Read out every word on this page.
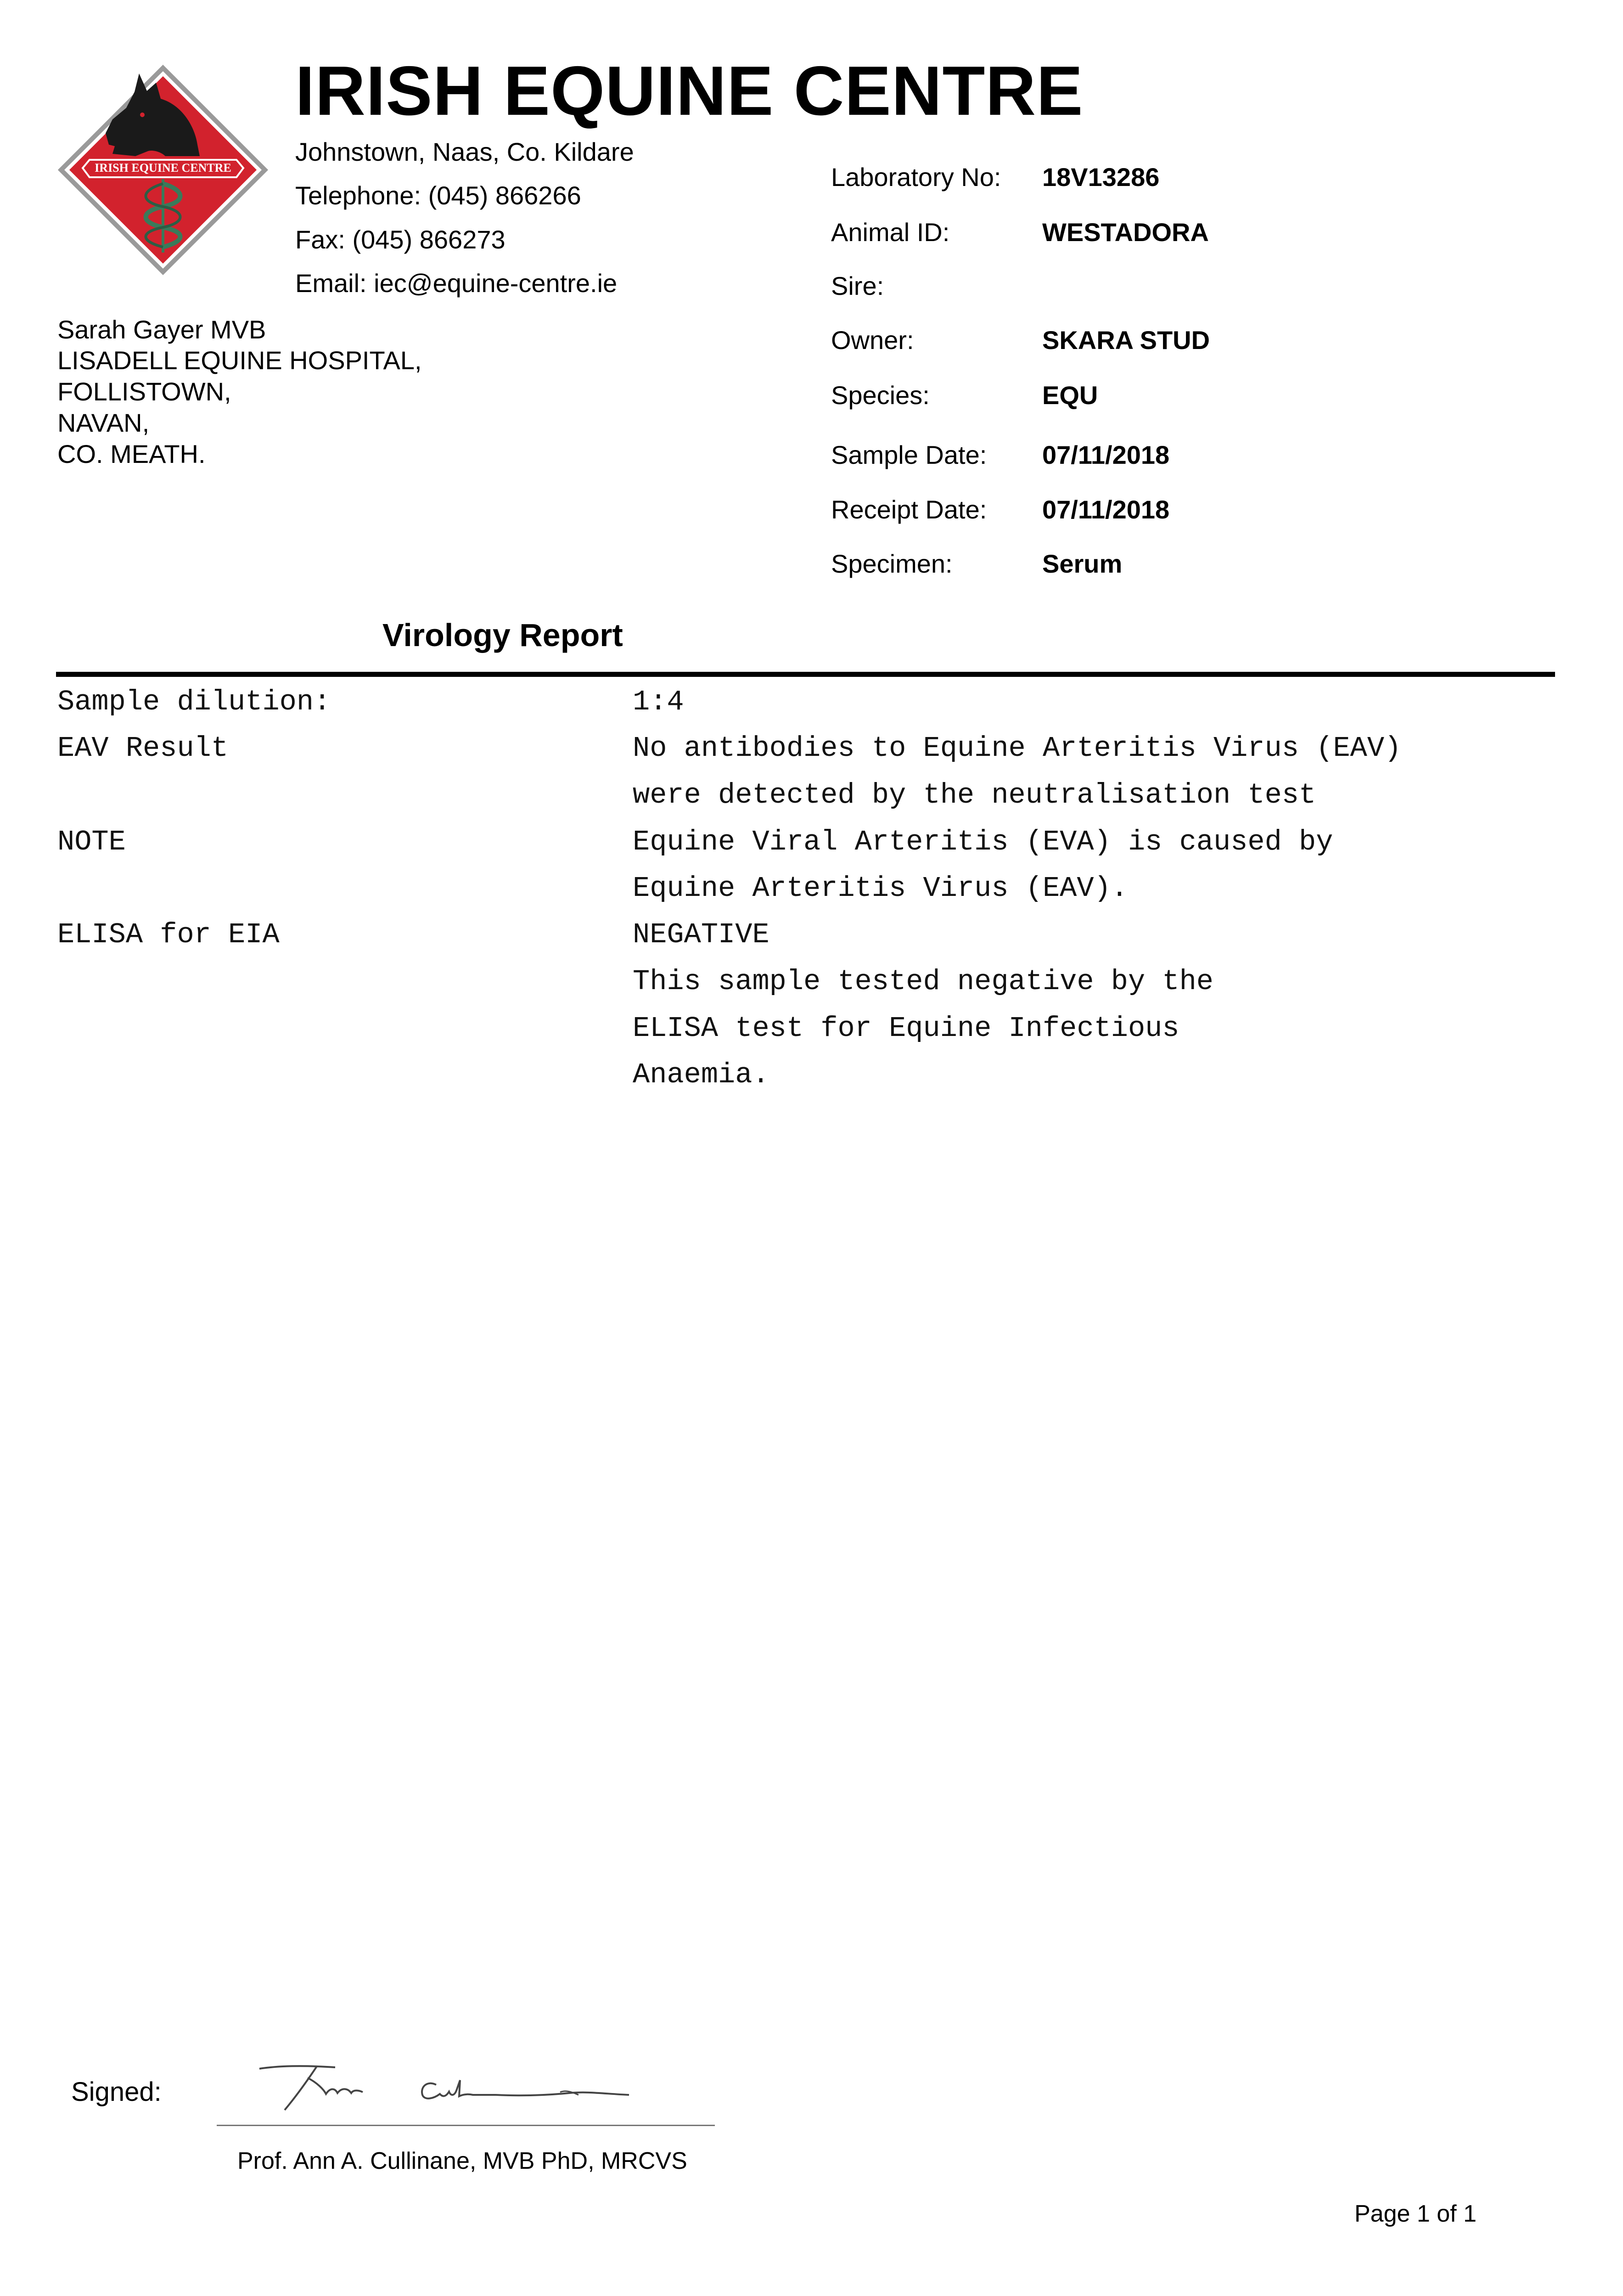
IRISH EQUINE CENTRE
IRISH EQUINE CENTRE
Johnstown, Naas, Co. Kildare
Telephone: (045) 866266
Fax: (045) 866273
Email: iec@equine-centre.ie
Sarah Gayer MVB
LISADELL EQUINE HOSPITAL,
FOLLISTOWN,
NAVAN,
CO. MEATH.
Laboratory No: 18V13286
Animal ID:	WESTADORA
Sire:
Owner:	SKARA STUD
Species:	EQU
Sample Date: 07/11/2018
Receipt Date: 07/11/2018
Specimen:	Serum
Virology Report
Sample dilution:	1:4
EAV Result	No antibodies to Equine Arteritis Virus (EAV)
were detected by the neutralisation test
NOTE	Equine Viral Arteritis (EVA) is caused by
Equine Arteritis Virus (EAV).
ELISA for EIA	NEGATIVE
This sample tested negative by the
ELISA test for Equine Infectious
Anaemia.
Signed:
Prof. Ann A. Cullinane, MVB PhD, MRCVS
Page 1 of 1
